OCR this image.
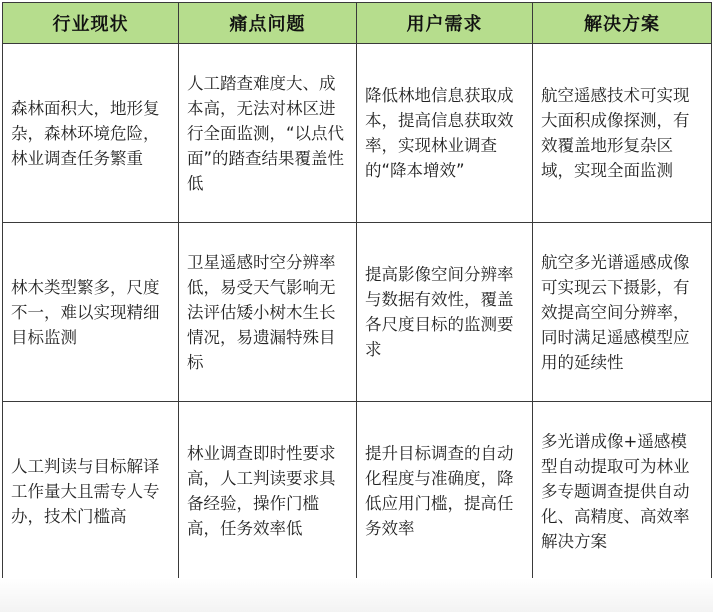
行业现状	痛点问题	用户需求	解决方案

森林面积大，地形复杂，森林环境危险，林业调查任务繁重	人工踏查难度大、成本高，无法对林区进行全面监测，“以点代面”的踏查结果覆盖性低	降低林地信息获取成本，提高信息获取效率，实现林业调查的“降本增效”	航空遥感技术可实现大面积成像探测，有效覆盖地形复杂区域，实现全面监测

林木类型繁多，尺度不一，难以实现精细目标监测	卫星遥感时空分辨率低，易受天气影响无法评估矮小树木生长情况，易遗漏特殊目标	提高影像空间分辨率与数据有效性，覆盖各尺度目标的监测要求	航空多光谱遥感成像可实现云下摄影，有效提高空间分辨率，同时满足遥感模型应用的延续性

人工判读与目标解译工作量大且需专人专办，技术门槛高	林业调查即时性要求高，人工判读要求具备经验，操作门槛高，任务效率低	提升目标调查的自动化程度与准确度，降低应用门槛，提高任务效率	多光谱成像+遥感模型自动提取可为林业多专题调查提供自动化、高精度、高效率解决方案
